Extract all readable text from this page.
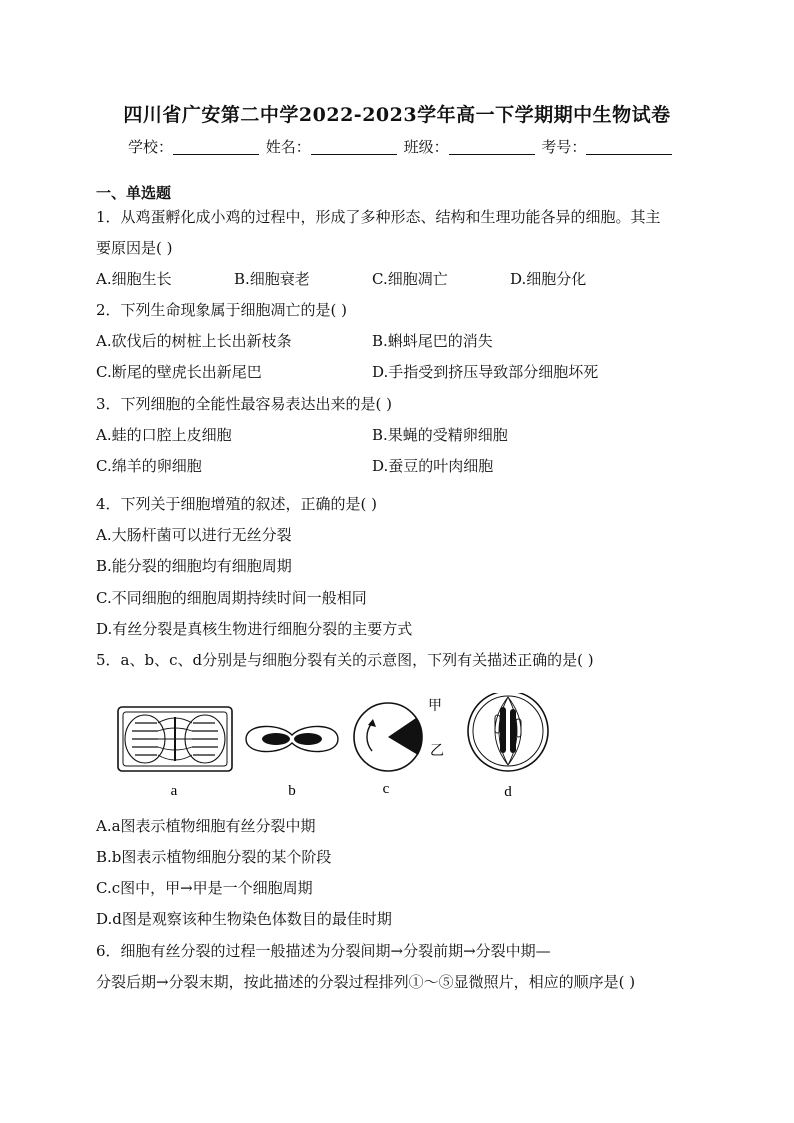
四川省广安第二中学2022-2023学年高一下学期期中生物试卷
学校：	姓名：	班级：	考号：
一、单选题
1．从鸡蛋孵化成小鸡的过程中，形成了多种形态、结构和生理功能各异的细胞。其主
要原因是( )
A.细胞生长	B.细胞衰老	C.细胞凋亡	D.细胞分化
2．下列生命现象属于细胞凋亡的是( )
A.砍伐后的树桩上长出新枝条	B.蝌蚪尾巴的消失
C.断尾的壁虎长出新尾巴	D.手指受到挤压导致部分细胞坏死
3．下列细胞的全能性最容易表达出来的是( )
A.蛙的口腔上皮细胞	B.果蝇的受精卵细胞
C.绵羊的卵细胞	D.蚕豆的叶肉细胞
4．下列关于细胞增殖的叙述，正确的是( )
A.大肠杆菌可以进行无丝分裂
B.能分裂的细胞均有细胞周期
C.不同细胞的细胞周期持续时间一般相同
D.有丝分裂是真核生物进行细胞分裂的主要方式
5．a、b、c、d分别是与细胞分裂有关的示意图，下列有关描述正确的是( )
a	b
甲
乙
c	d
A.a图表示植物细胞有丝分裂中期
B.b图表示植物细胞分裂的某个阶段
C.c图中，甲→甲是一个细胞周期
D.d图是观察该种生物染色体数目的最佳时期
6．细胞有丝分裂的过程一般描述为分裂间期→分裂前期→分裂中期—
分裂后期→分裂末期，按此描述的分裂过程排列①～⑤显微照片，相应的顺序是( )
